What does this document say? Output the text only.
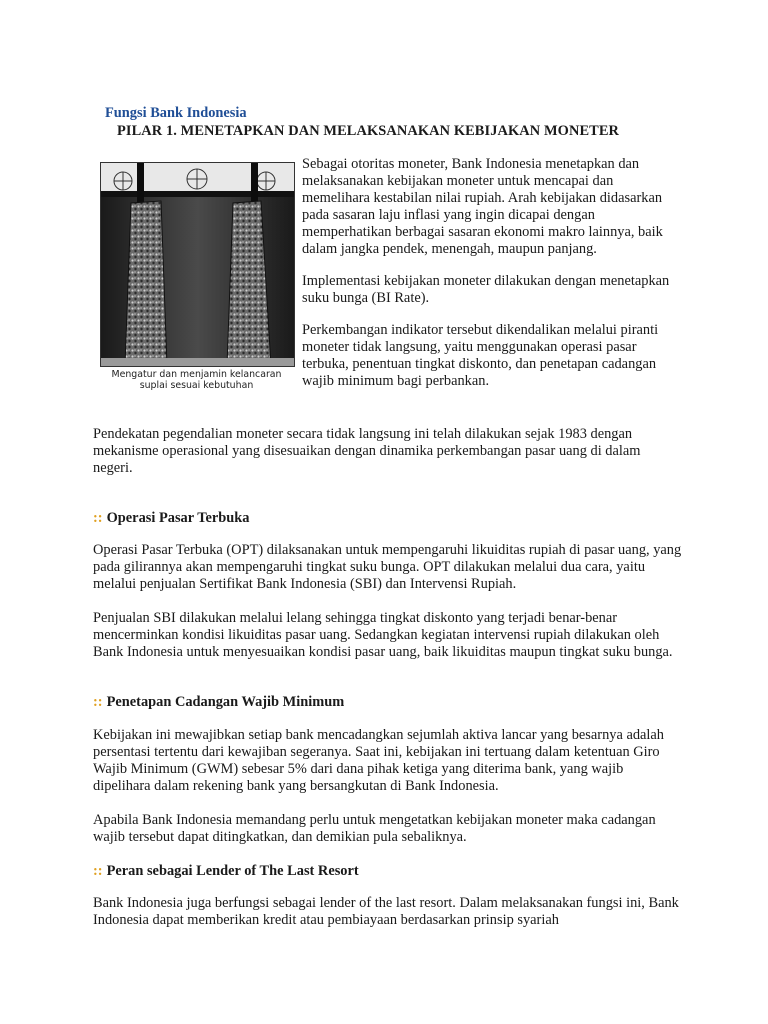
Fungsi Bank Indonesia
PILAR 1. MENETAPKAN DAN MELAKSANAKAN KEBIJAKAN MONETER
Mengatur dan menjamin kelancaran suplai sesuai kebutuhan

Sebagai otoritas moneter, Bank Indonesia menetapkan dan melaksanakan kebijakan moneter untuk mencapai dan memelihara kestabilan nilai rupiah. Arah kebijakan didasarkan pada sasaran laju inflasi yang ingin dicapai dengan memperhatikan berbagai sasaran ekonomi makro lainnya, baik dalam jangka pendek, menengah, maupun panjang.

Implementasi kebijakan moneter dilakukan dengan menetapkan suku bunga (BI Rate).

Perkembangan indikator tersebut dikendalikan melalui piranti moneter tidak langsung, yaitu menggunakan operasi pasar terbuka, penentuan tingkat diskonto, dan penetapan cadangan wajib minimum bagi perbankan.

Pendekatan pegendalian moneter secara tidak langsung ini telah dilakukan sejak 1983 dengan mekanisme operasional yang disesuaikan dengan dinamika perkembangan pasar uang di dalam negeri.

:: Operasi Pasar Terbuka

Operasi Pasar Terbuka (OPT) dilaksanakan untuk mempengaruhi likuiditas rupiah di pasar uang, yang pada gilirannya akan mempengaruhi tingkat suku bunga. OPT dilakukan melalui dua cara, yaitu melalui penjualan Sertifikat Bank Indonesia (SBI) dan Intervensi Rupiah.

Penjualan SBI dilakukan melalui lelang sehingga tingkat diskonto yang terjadi benar-benar mencerminkan kondisi likuiditas pasar uang. Sedangkan kegiatan intervensi rupiah dilakukan oleh Bank Indonesia untuk menyesuaikan kondisi pasar uang, baik likuiditas maupun tingkat suku bunga.

:: Penetapan Cadangan Wajib Minimum

Kebijakan ini mewajibkan setiap bank mencadangkan sejumlah aktiva lancar yang besarnya adalah persentasi tertentu dari kewajiban segeranya. Saat ini, kebijakan ini tertuang dalam ketentuan Giro Wajib Minimum (GWM) sebesar 5% dari dana pihak ketiga yang diterima bank, yang wajib dipelihara dalam rekening bank yang bersangkutan di Bank Indonesia.

Apabila Bank Indonesia memandang perlu untuk mengetatkan kebijakan moneter maka cadangan wajib tersebut dapat ditingkatkan, dan demikian pula sebaliknya.

:: Peran sebagai Lender of The Last Resort

Bank Indonesia juga berfungsi sebagai lender of the last resort. Dalam melaksanakan fungsi ini, Bank Indonesia dapat memberikan kredit atau pembiayaan berdasarkan prinsip syariah
